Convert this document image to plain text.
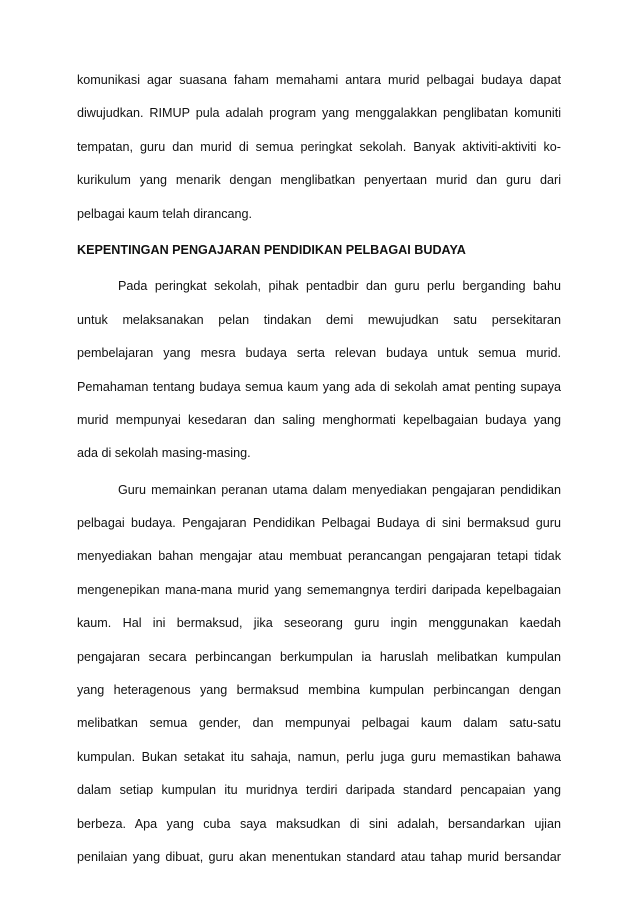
komunikasi agar suasana faham memahami antara murid pelbagai budaya dapat
diwujudkan. RIMUP pula adalah program yang menggalakkan penglibatan komuniti
tempatan, guru dan murid di semua peringkat sekolah. Banyak aktiviti-aktiviti ko-
kurikulum yang menarik dengan menglibatkan penyertaan murid dan guru dari
pelbagai kaum telah dirancang.
KEPENTINGAN PENGAJARAN PENDIDIKAN PELBAGAI BUDAYA
Pada peringkat sekolah, pihak pentadbir dan guru perlu berganding bahu
untuk melaksanakan pelan tindakan demi mewujudkan satu persekitaran
pembelajaran yang mesra budaya serta relevan budaya untuk semua murid.
Pemahaman tentang budaya semua kaum yang ada di sekolah amat penting supaya
murid mempunyai kesedaran dan saling menghormati kepelbagaian budaya yang
ada di sekolah masing-masing.
Guru memainkan peranan utama dalam menyediakan pengajaran pendidikan
pelbagai budaya. Pengajaran Pendidikan Pelbagai Budaya di sini bermaksud guru
menyediakan bahan mengajar atau membuat perancangan pengajaran tetapi tidak
mengenepikan mana-mana murid yang sememangnya terdiri daripada kepelbagaian
kaum. Hal ini bermaksud, jika seseorang guru ingin menggunakan kaedah
pengajaran secara perbincangan berkumpulan ia haruslah melibatkan kumpulan
yang heteragenous yang bermaksud membina kumpulan perbincangan dengan
melibatkan semua gender, dan mempunyai pelbagai kaum dalam satu-satu
kumpulan. Bukan setakat itu sahaja, namun, perlu juga guru memastikan bahawa
dalam setiap kumpulan itu muridnya terdiri daripada standard pencapaian yang
berbeza. Apa yang cuba saya maksudkan di sini adalah, bersandarkan ujian
penilaian yang dibuat, guru akan menentukan standard atau tahap murid bersandar
